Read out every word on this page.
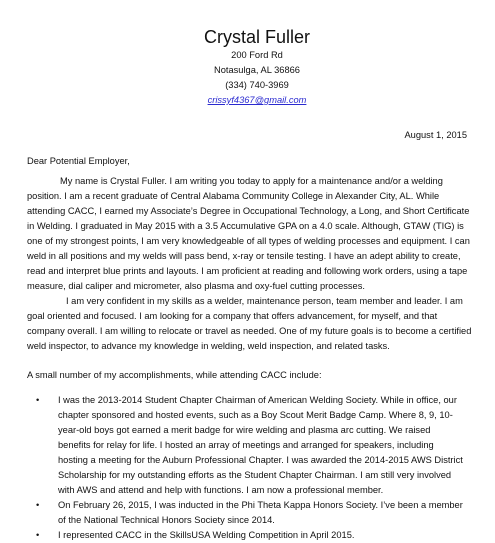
Crystal Fuller
200 Ford Rd
Notasulga, AL 36866
(334) 740-3969
crissyf4367@gmail.com
August 1, 2015
Dear Potential Employer,

My name is Crystal Fuller. I am writing you today to apply for a maintenance and/or a welding position. I am a recent graduate of Central Alabama Community College in Alexander City, AL. While attending CACC, I earned my Associate’s Degree in Occupational Technology, a Long, and Short Certificate in Welding. I graduated in May 2015 with a 3.5 Accumulative GPA on a 4.0 scale. Although, GTAW (TIG) is one of my strongest points, I am very knowledgeable of all types of welding processes and equipment. I can weld in all positions and my welds will pass bend, x-ray or tensile testing. I have an adept ability to create, read and interpret blue prints and layouts. I am proficient at reading and following work orders, using a tape measure, dial caliper and micrometer, also plasma and oxy-fuel cutting processes.

I am very confident in my skills as a welder, maintenance person, team member and leader. I am goal oriented and focused. I am looking for a company that offers advancement, for myself, and that company overall. I am willing to relocate or travel as needed. One of my future goals is to become a certified weld inspector, to advance my knowledge in welding, weld inspection, and related tasks.

A small number of my accomplishments, while attending CACC include:

• I was the 2013-2014 Student Chapter Chairman of American Welding Society. While in office, our chapter sponsored and hosted events, such as a Boy Scout Merit Badge Camp. Where 8, 9, 10-year-old boys got earned a merit badge for wire welding and plasma arc cutting. We raised benefits for relay for life. I hosted an array of meetings and arranged for speakers, including hosting a meeting for the Auburn Professional Chapter. I was awarded the 2014-2015 AWS District Scholarship for my outstanding efforts as the Student Chapter Chairman. I am still very involved with AWS and attend and help with functions. I am now a professional member.
• On February 26, 2015, I was inducted in the Phi Theta Kappa Honors Society. I’ve been a member of the National Technical Honors Society since 2014.
• I represented CACC in the SkillsUSA Welding Competition in April 2015.
